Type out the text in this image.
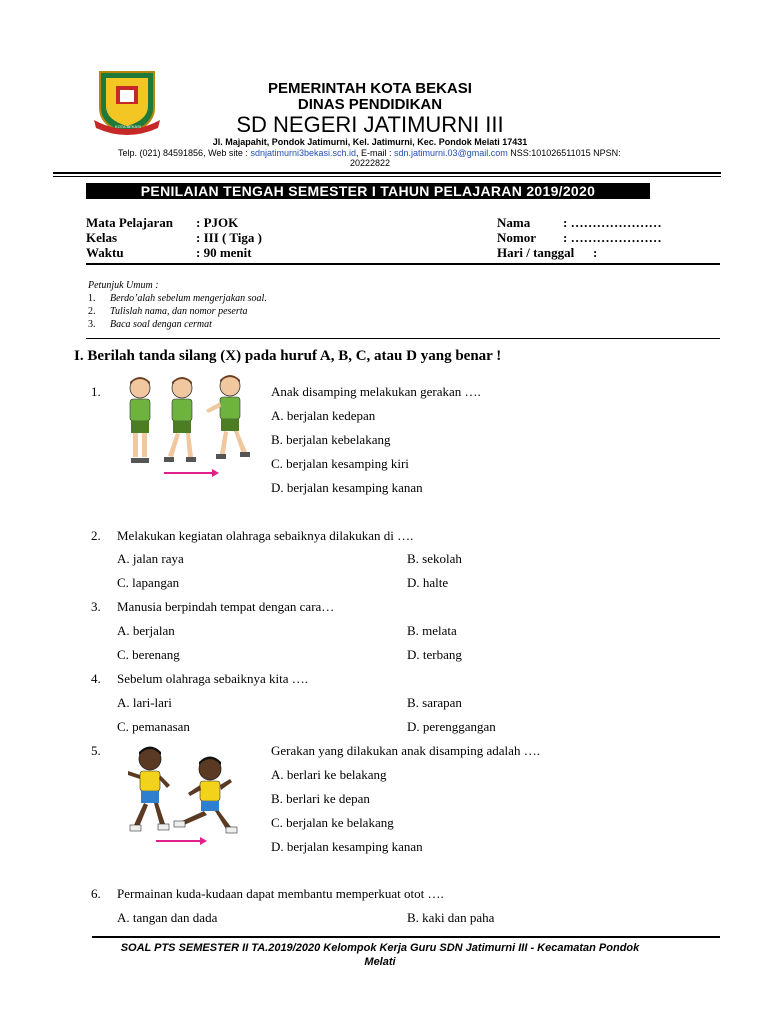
KOTA BEKASI
PEMERINTAH KOTA BEKASI
DINAS PENDIDIKAN
SD NEGERI JATIMURNI III
Jl. Majapahit, Pondok Jatimurni, Kel. Jatimurni, Kec. Pondok Melati 17431
Telp. (021) 84591856, Web site : sdnjatimurni3bekasi.sch.id, E-mail : sdn.jatimurni.03@gmail.com NSS:101026511015 NPSN:
20222822
PENILAIAN TENGAH SEMESTER I TAHUN PELAJARAN 2019/2020
Mata Pelajaran : PJOK
Kelas	: III ( Tiga )
Waktu	: 90 menit
Nama	: …………………
Nomor : …………………
Hari / tanggal :
Petunjuk Umum :
1. Berdo’alah sebelum mengerjakan soal.
2. Tulislah nama, dan nomor peserta
3. Baca soal dengan cermat
I. Berilah tanda silang (X) pada huruf A, B, C, atau D yang benar !
1.	Anak disamping melakukan gerakan ….
A. berjalan kedepan
B. berjalan kebelakang
C. berjalan kesamping kiri
D. berjalan kesamping kanan
2. Melakukan kegiatan olahraga sebaiknya dilakukan di ….
A. jalan raya	B. sekolah
C. lapangan	D. halte
3. Manusia berpindah tempat dengan cara…
A. berjalan	B. melata
C. berenang	D. terbang
4. Sebelum olahraga sebaiknya kita ….
A. lari-lari	B. sarapan
C. pemanasan	D. perenggangan
5.	Gerakan yang dilakukan anak disamping adalah ….
A. berlari ke belakang
B. berlari ke depan
C. berjalan ke belakang
D. berjalan kesamping kanan
6. Permainan kuda-kudaan dapat membantu memperkuat otot ….
A. tangan dan dada	B. kaki dan paha
SOAL PTS SEMESTER II TA.2019/2020 Kelompok Kerja Guru SDN Jatimurni III - Kecamatan Pondok
Melati
